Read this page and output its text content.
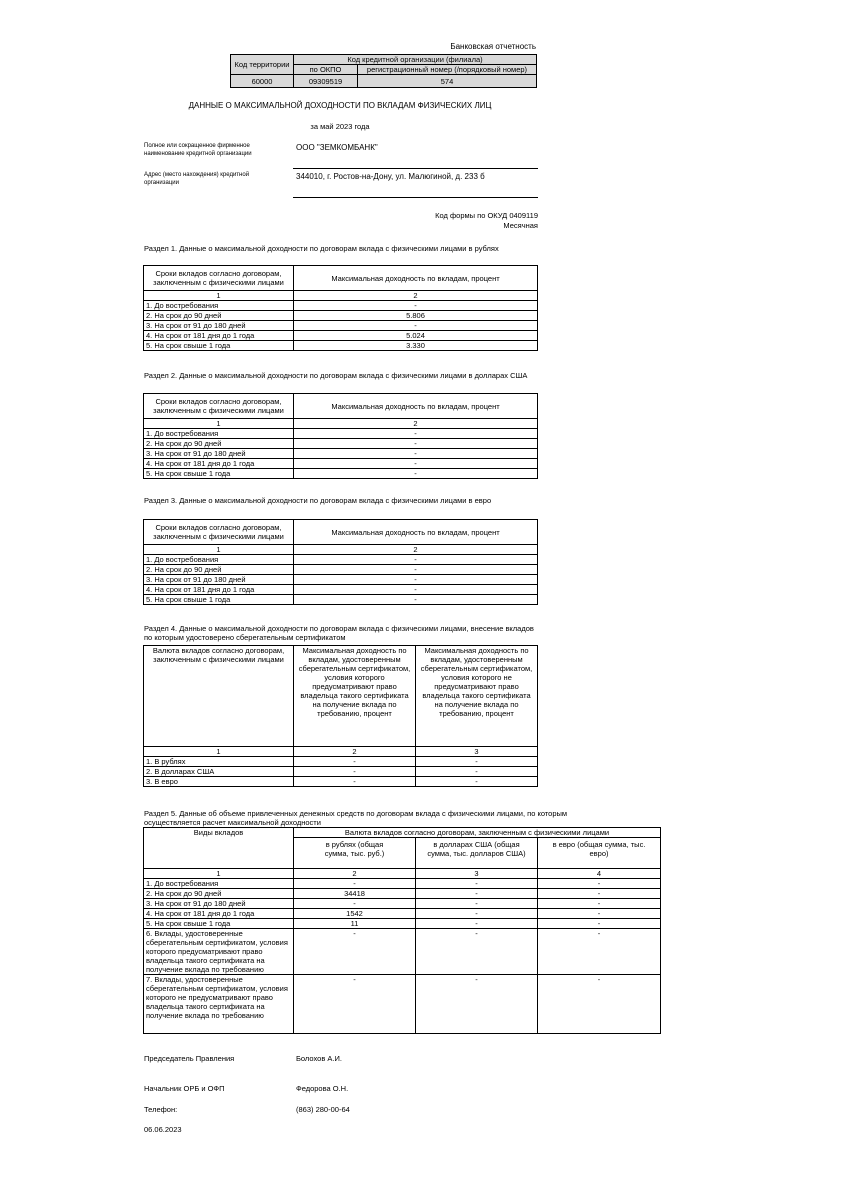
Банковская отчетность
Код территории	Код кредитной организации (филиала)	
	по ОКПО	регистрационный номер (/порядковый номер)
60000	09309519	574
ДАННЫЕ О МАКСИМАЛЬНОЙ ДОХОДНОСТИ ПО ВКЛАДАМ ФИЗИЧЕСКИХ ЛИЦ
за май 2023 года
Полное или сокращенное фирменное наименование кредитной организации
ООО "ЗЕМКОМБАНК"
Адрес (место нахождения) кредитной организации
344010, г. Ростов-на-Дону, ул. Малюгиной, д. 233 б
Код формы по ОКУД 0409119
Месячная
Раздел 1. Данные о максимальной доходности по договорам вклада с физическими лицами в рублях
Сроки вкладов согласно договорам, заключенным с физическими лицами	Максимальная доходность по вкладам, процент
1	2
1. До востребования	-
2. На срок до 90 дней	5.806
3. На срок от 91 до 180 дней	-
4. На срок от 181 дня до 1 года	5.024
5. На срок свыше 1 года	3.330
Раздел 2. Данные о максимальной доходности по договорам вклада с физическими лицами в долларах США
Сроки вкладов согласно договорам, заключенным с физическими лицами	Максимальная доходность по вкладам, процент
1	2
1. До востребования	-
2. На срок до 90 дней	-
3. На срок от 91 до 180 дней	-
4. На срок от 181 дня до 1 года	-
5. На срок свыше 1 года	-
Раздел 3. Данные о максимальной доходности по договорам вклада с физическими лицами в евро
Сроки вкладов согласно договорам, заключенным с физическими лицами	Максимальная доходность по вкладам, процент
1	2
1. До востребования	-
2. На срок до 90 дней	-
3. На срок от 91 до 180 дней	-
4. На срок от 181 дня до 1 года	-
5. На срок свыше 1 года	-
Раздел 4. Данные о максимальной доходности по договорам вклада с физическими лицами, внесение вкладов по которым удостоверено сберегательным сертификатом
Валюта вкладов согласно договорам, заключенным с физическими лицами	Максимальная доходность по вкладам, удостоверенным сберегательным сертификатом, условия которого предусматривают право владельца такого сертификата на получение вклада по требованию, процент	Максимальная доходность по вкладам, удостоверенным сберегательным сертификатом, условия которого не предусматривают право владельца такого сертификата на получение вклада по требованию, процент
1	2	3
1. В рублях	-	-
2. В долларах США	-	-
3. В евро	-	-
Раздел 5. Данные об объеме привлеченных денежных средств по договорам вклада с физическими лицами, по которым осуществляется расчет максимальной доходности
Виды вкладов	Валюта вкладов согласно договорам, заключенным с физическими лицами		
	в рублях (общая сумма, тыс. руб.)	в долларах США (общая сумма, тыс. долларов США)	в евро (общая сумма, тыс. евро)
1	2	3	4
1. До востребования	-	-	-
2. На срок до 90 дней	34418	-	-
3. На срок от 91 до 180 дней	-	-	-
4. На срок от 181 дня до 1 года	1542	-	-
5. На срок свыше 1 года	11	-	-
6. Вклады, удостоверенные сберегательным сертификатом, условия которого предусматривают право владельца такого сертификата на получение вклада по требованию	-	-	-
7. Вклады, удостоверенные сберегательным сертификатом, условия которого не предусматривают право владельца такого сертификата на получение вклада по требованию	-	-	-
Председатель Правления	Болохов А.И.
Начальник ОРБ и ОФП	Федорова О.Н.
Телефон:	(863) 280-00-64
06.06.2023
